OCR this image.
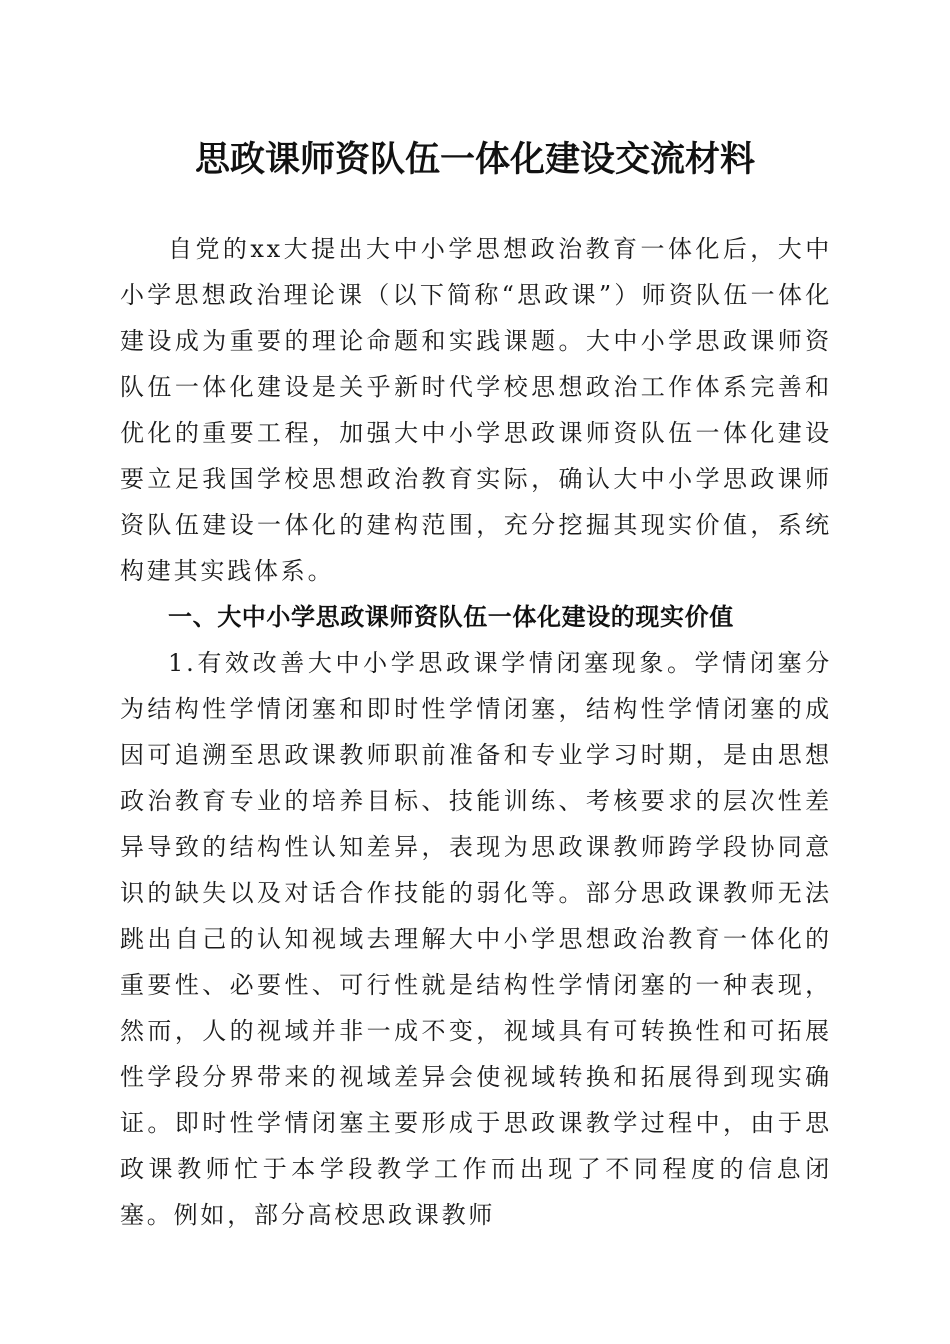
思政课师资队伍一体化建设交流材料

自党的xx大提出大中小学思想政治教育一体化后，大中小学思想政治理论课（以下简称“思政课”）师资队伍一体化建设成为重要的理论命题和实践课题。大中小学思政课师资队伍一体化建设是关乎新时代学校思想政治工作体系完善和优化的重要工程，加强大中小学思政课师资队伍一体化建设要立足我国学校思想政治教育实际，确认大中小学思政课师资队伍建设一体化的建构范围，充分挖掘其现实价值，系统构建其实践体系。

一、大中小学思政课师资队伍一体化建设的现实价值

1.有效改善大中小学思政课学情闭塞现象。学情闭塞分为结构性学情闭塞和即时性学情闭塞，结构性学情闭塞的成因可追溯至思政课教师职前准备和专业学习时期，是由思想政治教育专业的培养目标、技能训练、考核要求的层次性差异导致的结构性认知差异，表现为思政课教师跨学段协同意识的缺失以及对话合作技能的弱化等。部分思政课教师无法跳出自己的认知视域去理解大中小学思想政治教育一体化的重要性、必要性、可行性就是结构性学情闭塞的一种表现，然而，人的视域并非一成不变，视域具有可转换性和可拓展性学段分界带来的视域差异会使视域转换和拓展得到现实确证。即时性学情闭塞主要形成于思政课教学过程中，由于思政课教师忙于本学段教学工作而出现了不同程度的信息闭塞。例如，部分高校思政课教师
